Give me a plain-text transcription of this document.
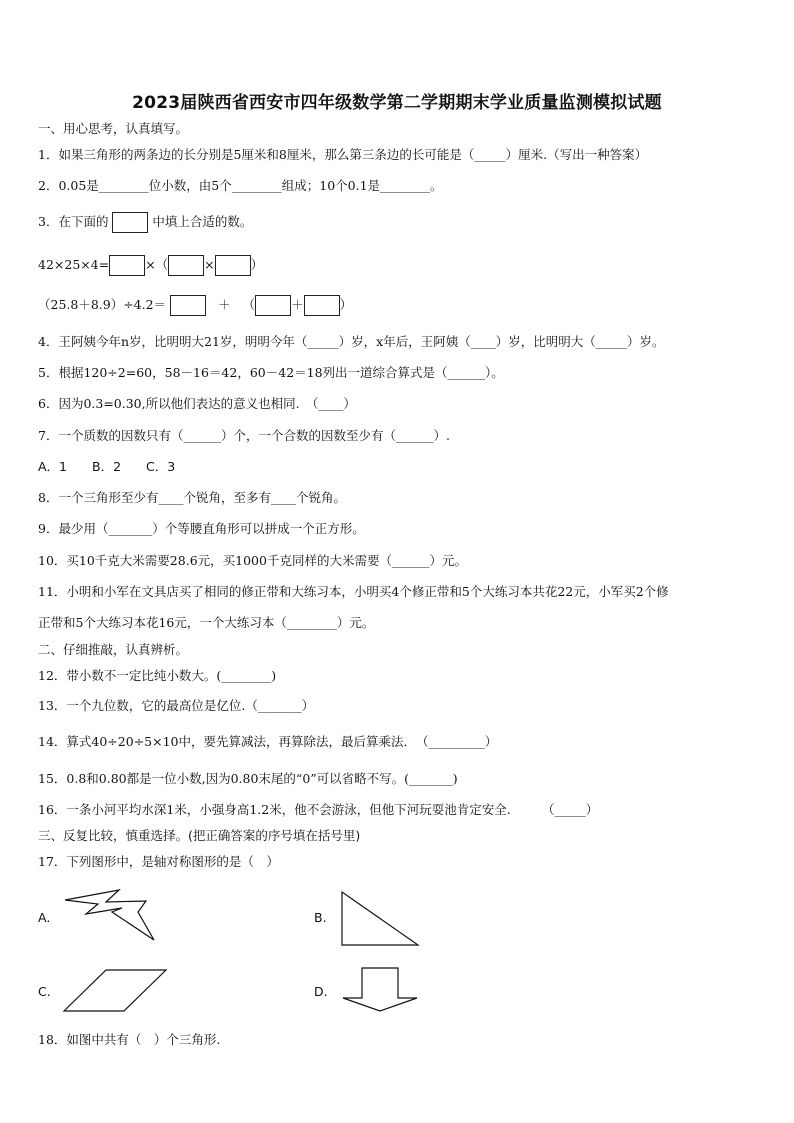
2023届陕西省西安市四年级数学第二学期期末学业质量监测模拟试题
一、用心思考，认真填写。
1．如果三角形的两条边的长分别是5厘米和8厘米，那么第三条边的长可能是（_____）厘米.（写出一种答案）
2．0.05是________位小数，由5个________组成；10个0.1是________。
3．在下面的	中填上合适的数。
42×25×4=	×（	×	）
（25.8＋8.9）÷4.2＝	＋ （	＋	）
4．王阿姨今年n岁，比明明大21岁，明明今年（_____）岁，x年后，王阿姨（____）岁，比明明大（_____）岁。
5．根据120÷2=60，58－16＝42，60－42＝18列出一道综合算式是（______）。
6．因为0.3=0.30,所以他们表达的意义也相同.　（____）
7．一个质数的因数只有（______）个，一个合数的因数至少有（______）.
A．1　　B．2　　C．3
8．一个三角形至少有____个锐角，至多有____个锐角。
9．最少用（_______）个等腰直角形可以拼成一个正方形。
10．买10千克大米需要28.6元，买1000千克同样的大米需要（______）元。
11．小明和小军在文具店买了相同的修正带和大练习本，小明买4个修正带和5个大练习本共花22元，小军买2个修
正带和5个大练习本花16元，一个大练习本（________）元。
二、仔细推敲，认真辨析。
12．带小数不一定比纯小数大。(________)
13．一个九位数，它的最高位是亿位.（_______）
14．算式40÷20÷5×10中，要先算减法，再算除法，最后算乘法．　（_________）
15．0.8和0.80都是一位小数,因为0.80末尾的“0”可以省略不写。(_______)
16．一条小河平均水深1米，小强身高1.2米，他不会游泳，但他下河玩耍池肯定安全.　　　（_____）
三、反复比较，慎重选择。(把正确答案的序号填在括号里)
17．下列图形中，是轴对称图形的是（　）
A.	B.
C.	D.
18．如图中共有（　）个三角形.
